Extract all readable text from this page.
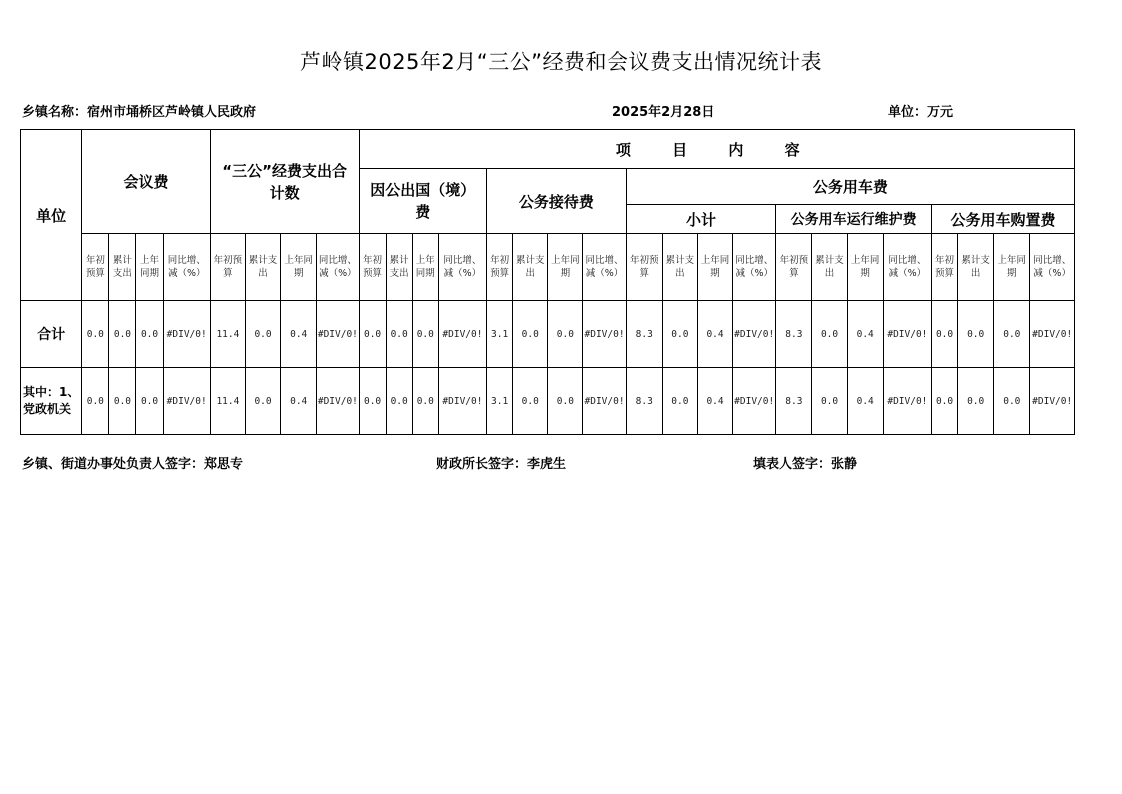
芦岭镇2025年2月“三公”经费和会议费支出情况统计表
乡镇名称：宿州市埇桥区芦岭镇人民政府	2025年2月28日	单位：万元
单位	会议费				“三公”经费支出合计数				项 目 内 容																			
									因公出国（境）费				公务接待费				公务用车费											
																	小计				公务用车运行维护费				公务用车购置费			
	年初预算	累计支出	上年同期	同比增、减（%）	年初预算	累计支出	上年同期	同比增、减（%）	年初预算	累计支出	上年同期	同比增、减（%）	年初预算	累计支出	上年同期	同比增、减（%）	年初预算	累计支出	上年同期	同比增、减（%）	年初预算	累计支出	上年同期	同比增、减（%）	年初预算	累计支出	上年同期	同比增、减（%）
合计	0.0	0.0	0.0	#DIV/0!	11.4	0.0	0.4	#DIV/0!	0.0	0.0	0.0	#DIV/0!	3.1	0.0	0.0	#DIV/0!	8.3	0.0	0.4	#DIV/0!	8.3	0.0	0.4	#DIV/0!	0.0	0.0	0.0	#DIV/0!
其中：1、党政机关	0.0	0.0	0.0	#DIV/0!	11.4	0.0	0.4	#DIV/0!	0.0	0.0	0.0	#DIV/0!	3.1	0.0	0.0	#DIV/0!	8.3	0.0	0.4	#DIV/0!	8.3	0.0	0.4	#DIV/0!	0.0	0.0	0.0	#DIV/0!
乡镇、街道办事处负责人签字：郑思专	财政所长签字：李虎生	填表人签字：张静
